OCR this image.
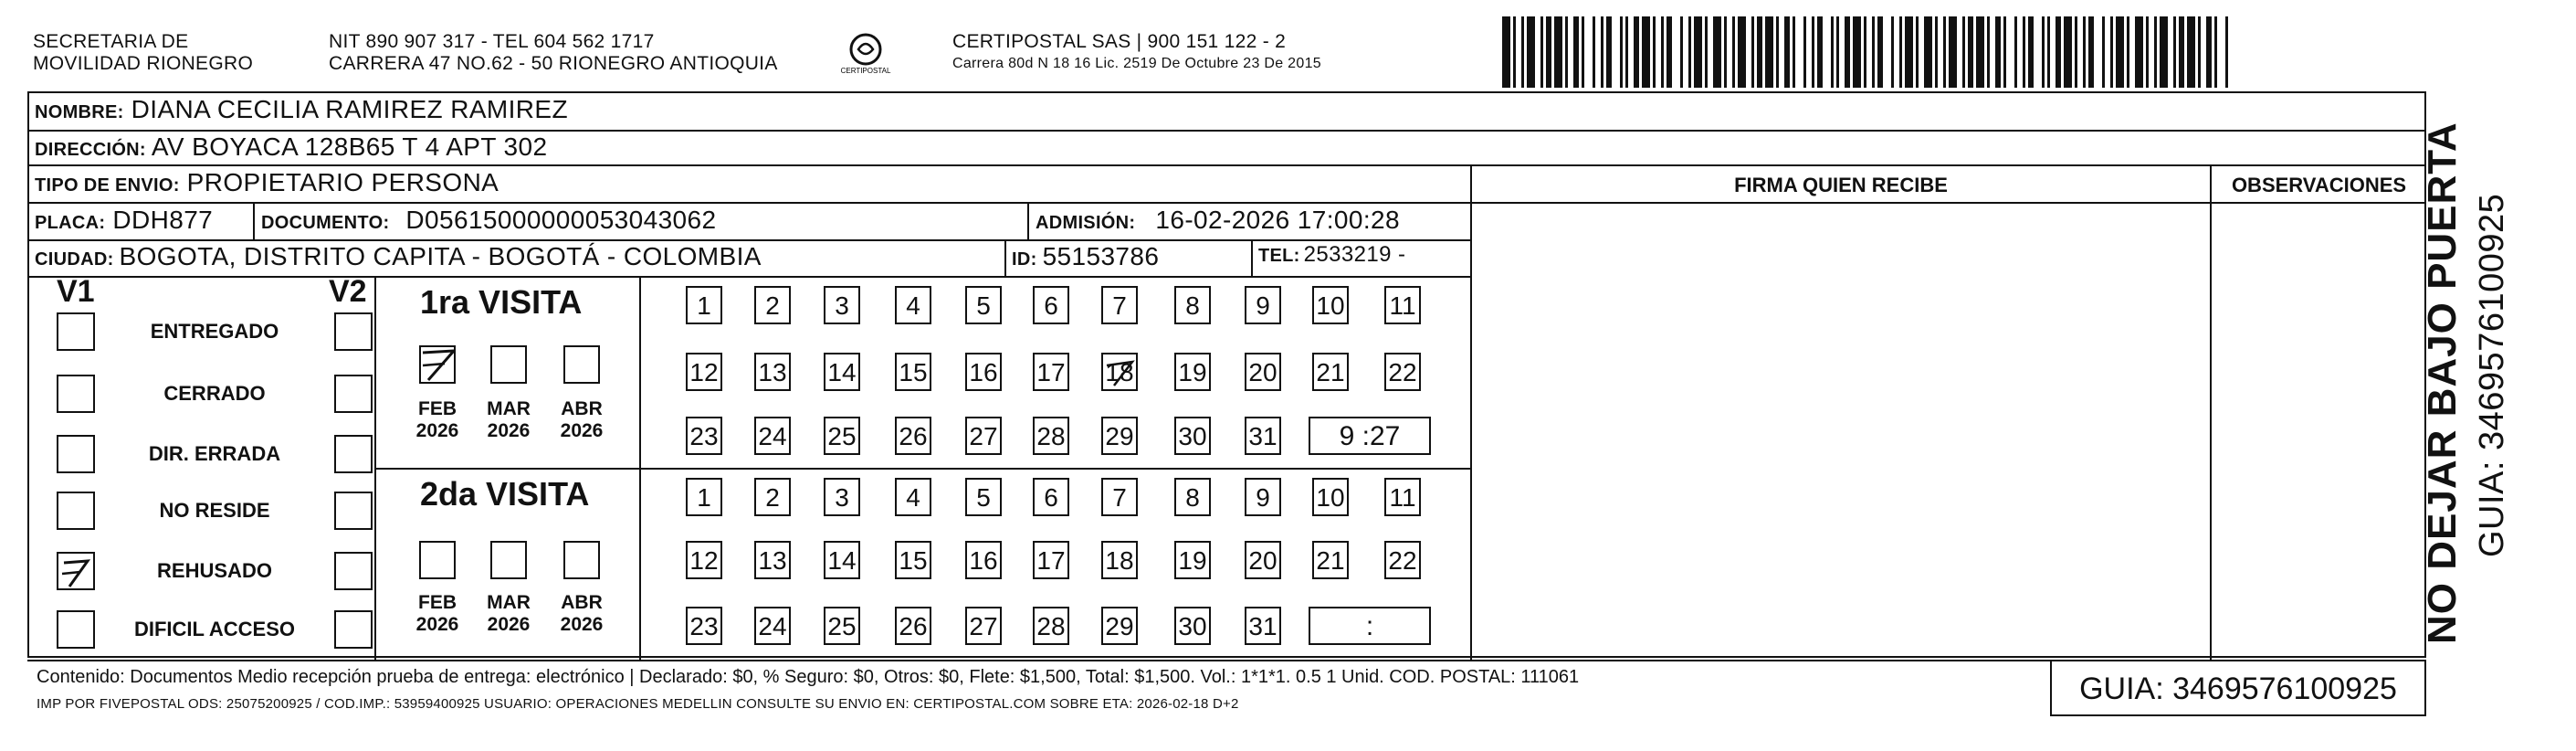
SECRETARIA DE
MOVILIDAD RIONEGRO
NIT 890 907 317 - TEL 604 562 1717
CARRERA 47 NO.62 - 50 RIONEGRO ANTIOQUIA	CERTIPOSTAL
CERTIPOSTAL SAS | 900 151 122 - 2
Carrera 80d N 18 16 Lic. 2519 De Octubre 23 De 2015
NOMBRE: DIANA CECILIA RAMIREZ RAMIREZ
DIRECCIÓN: AV BOYACA 128B65 T 4 APT 302
TIPO DE ENVIO: PROPIETARIO PERSONA	FIRMA QUIEN RECIBE	OBSERVACIONES
PLACA: DDH877	DOCUMENTO: D05615000000053043062	ADMISIÓN: 16-02-2026 17:00:28
CIUDAD: BOGOTA, DISTRITO CAPITA - BOGOTÁ - COLOMBIA	ID: 55153786	TEL: 2533219 -
V1	V2
ENTREGADO
CERRADO
DIR. ERRADA
NO RESIDE
REHUSADO
DIFICIL ACCESO
1ra VISITA
FEB
2026
MAR
2026
ABR
2026
1	2	3	4	5	6	7	8	9	10 11
12 13 14 15 16 17 18 19 20 21 22
23 24 25 26 27 28 29 30 31	9 :27
2da VISITA
FEB
2026
MAR
2026
ABR
2026
1	2	3	4	5	6	7	8	9	10 11
12 13 14 15 16 17 18 19 20 21 22
23 24 25 26 27 28 29 30 31	:
Contenido: Documentos Medio recepción prueba de entrega: electrónico | Declarado: $0, % Seguro: $0, Otros: $0, Flete: $1,500, Total: $1,500. Vol.: 1*1*1. 0.5 1 Unid. COD. POSTAL: 111061
IMP POR FIVEPOSTAL ODS: 25075200925 / COD.IMP.: 53959400925 USUARIO: OPERACIONES MEDELLIN CONSULTE SU ENVIO EN: CERTIPOSTAL.COM SOBRE ETA: 2026-02-18 D+2	GUIA: 3469576100925
NO DEJAR BAJO PUERTA GUIA: 3469576100925
